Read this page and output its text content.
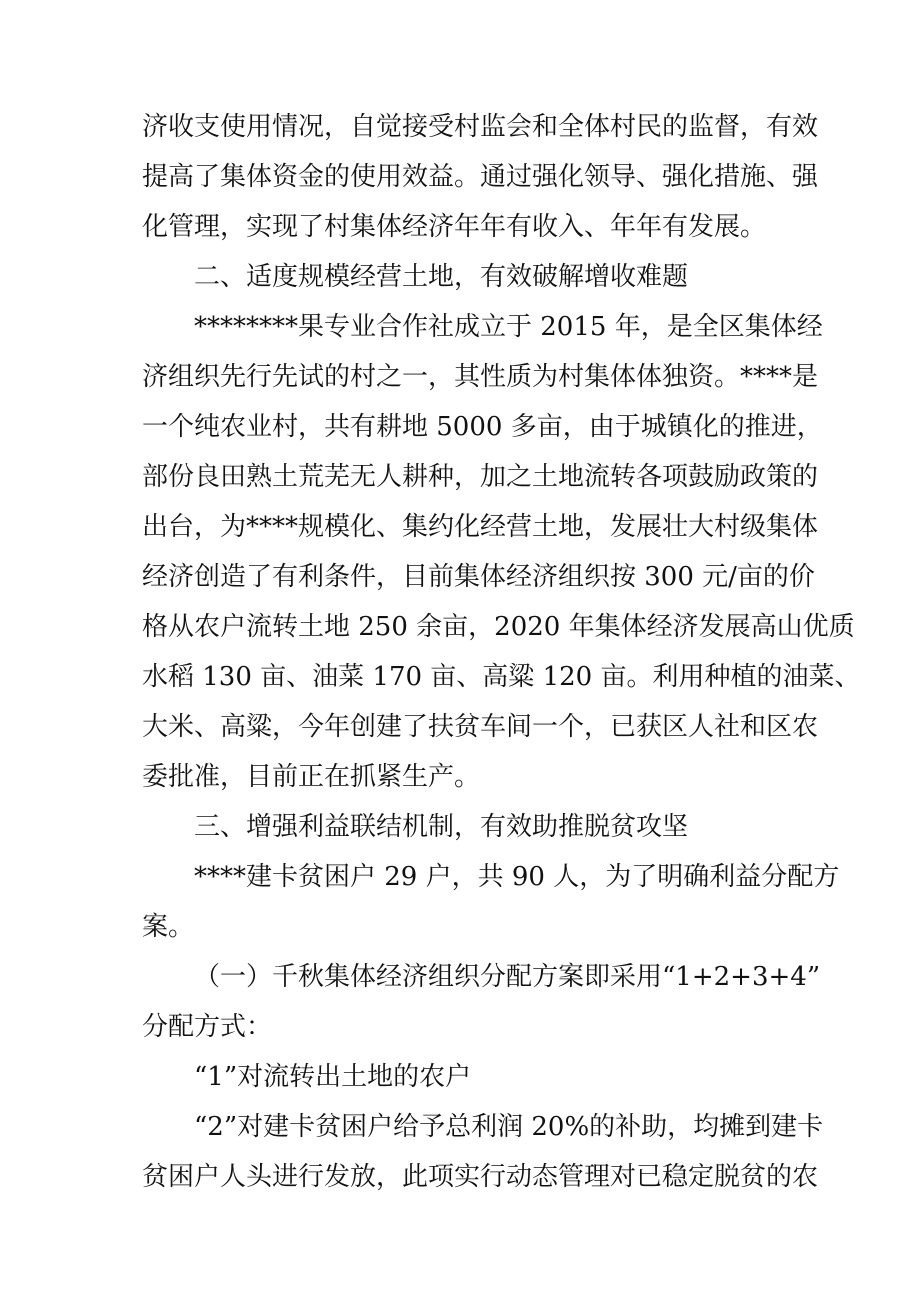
济收支使用情况，自觉接受村监会和全体村民的监督，有效
提高了集体资金的使用效益。通过强化领导、强化措施、强
化管理，实现了村集体经济年年有收入、年年有发展。
二、适度规模经营土地，有效破解增收难题
********果专业合作社成立于 2015 年，是全区集体经
济组织先行先试的村之一，其性质为村集体体独资。****是
一个纯农业村，共有耕地 5000 多亩，由于城镇化的推进，
部份良田熟土荒芜无人耕种，加之土地流转各项鼓励政策的
出台，为****规模化、集约化经营土地，发展壮大村级集体
经济创造了有利条件，目前集体经济组织按 300 元/亩的价
格从农户流转土地 250 余亩，2020 年集体经济发展高山优质
水稻 130 亩、油菜 170 亩、高粱 120 亩。利用种植的油菜、
大米、高粱，今年创建了扶贫车间一个，已获区人社和区农
委批准，目前正在抓紧生产。
三、增强利益联结机制，有效助推脱贫攻坚
****建卡贫困户 29 户，共 90 人，为了明确利益分配方
案。
（一）千秋集体经济组织分配方案即采用“1+2+3+4”
分配方式：
“1”对流转出土地的农户
“2”对建卡贫困户给予总利润 20%的补助，均摊到建卡
贫困户人头进行发放，此项实行动态管理对已稳定脱贫的农
